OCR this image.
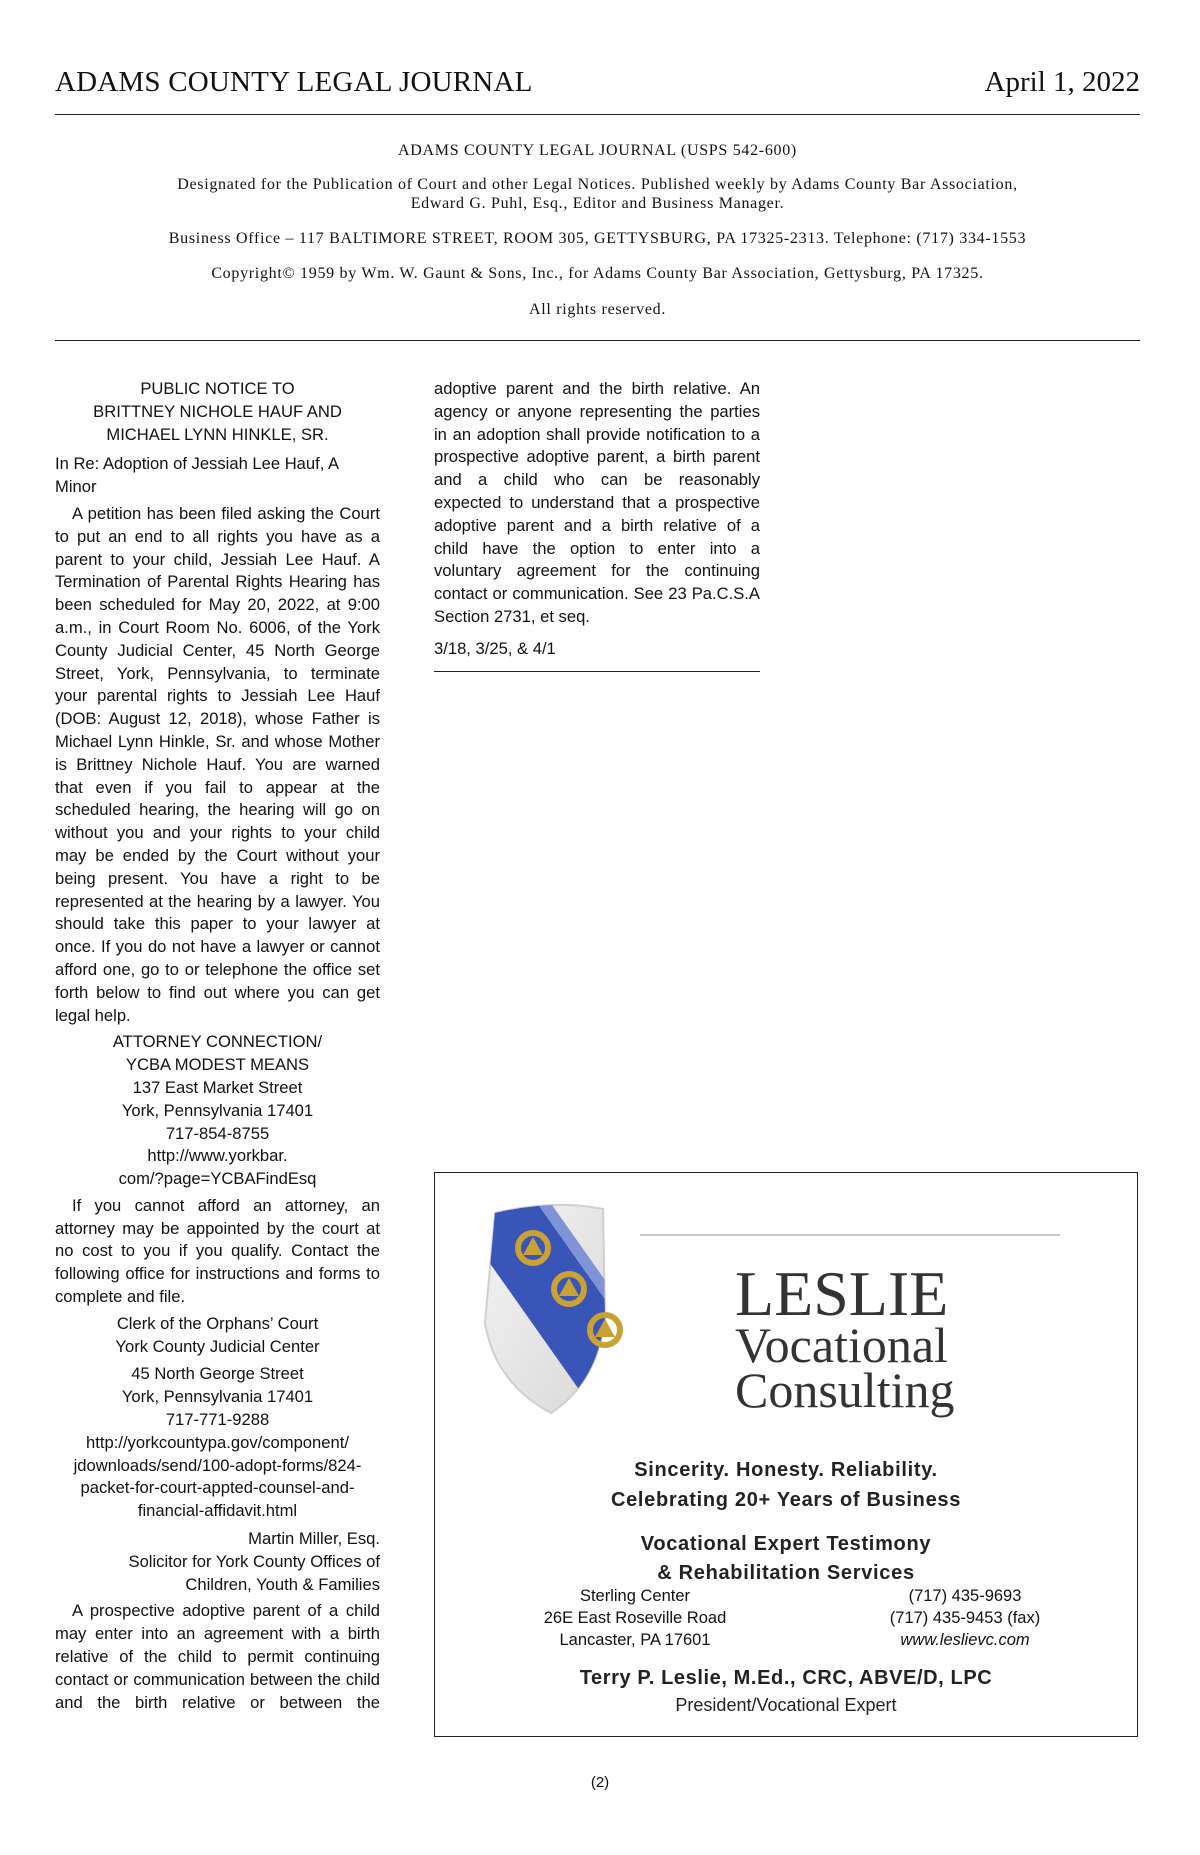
ADAMS COUNTY LEGAL JOURNAL	April 1, 2022
ADAMS COUNTY LEGAL JOURNAL (USPS 542-600)
Designated for the Publication of Court and other Legal Notices. Published weekly by Adams County Bar Association,
Edward G. Puhl, Esq., Editor and Business Manager.
Business Office – 117 BALTIMORE STREET, ROOM 305, GETTYSBURG, PA 17325-2313. Telephone: (717) 334-1553
Copyright© 1959 by Wm. W. Gaunt & Sons, Inc., for Adams County Bar Association, Gettysburg, PA 17325.
All rights reserved.

PUBLIC NOTICE TO

BRITTNEY NICHOLE HAUF AND

MICHAEL LYNN HINKLE, SR.

In Re: Adoption of Jessiah Lee Hauf, A Minor

A petition has been filed asking the Court to put an end to all rights you have as a parent to your child, Jessiah Lee Hauf. A Termination of Parental Rights Hearing has been scheduled for May 20, 2022, at 9:00 a.m., in Court Room No. 6006, of the York County Judicial Center, 45 North George Street, York, Pennsylvania, to terminate your parental rights to Jessiah Lee Hauf (DOB: August 12, 2018), whose Father is Michael Lynn Hinkle, Sr. and whose Mother is Brittney Nichole Hauf. You are warned that even if you fail to appear at the scheduled hearing, the hearing will go on without you and your rights to your child may be ended by the Court without your being present. You have a right to be represented at the hearing by a lawyer. You should take this paper to your lawyer at once. If you do not have a lawyer or cannot afford one, go to or telephone the office set forth below to find out where you can get legal help.

ATTORNEY CONNECTION/

YCBA MODEST MEANS

137 East Market Street

York, Pennsylvania 17401

717-854-8755

http://www.yorkbar.

com/?page=YCBAFindEsq

If you cannot afford an attorney, an attorney may be appointed by the court at no cost to you if you qualify. Contact the following office for instructions and forms to complete and file.

Clerk of the Orphans’ Court

York County Judicial Center

45 North George Street

York, Pennsylvania 17401

717-771-9288

http://yorkcountypa.gov/component/

jdownloads/send/100-adopt-forms/824-

packet-for-court-appted-counsel-and-

financial-affidavit.html

Martin Miller, Esq.

Solicitor for York County Offices of

Children, Youth & Families

A prospective adoptive parent of a child may enter into an agreement with a birth relative of the child to permit continuing contact or communication between the child and the birth relative or between the

adoptive parent and the birth relative. An agency or anyone representing the parties in an adoption shall provide notification to a prospective adoptive parent, a birth parent and a child who can be reasonably expected to understand that a prospective adoptive parent and a birth relative of a child have the option to enter into a voluntary agreement for the continuing contact or communication. See 23 Pa.C.S.A Section 2731, et seq.

3/18, 3/25, & 4/1

LESLIE
Vocational
Consulting
Sincerity. Honesty. Reliability.
Celebrating 20+ Years of Business
Vocational Expert Testimony
& Rehabilitation Services
Sterling Center
26E East Roseville Road
Lancaster, PA 17601
(717) 435-9693
(717) 435-9453 (fax)
www.leslievc.com
Terry P. Leslie, M.Ed., CRC, ABVE/D, LPC
President/Vocational Expert
(2)
